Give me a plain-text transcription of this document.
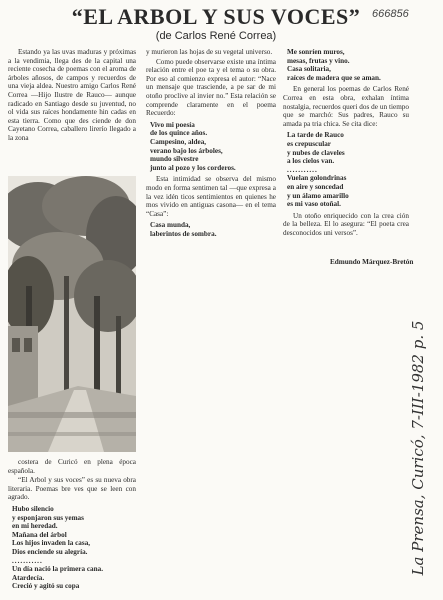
666856
“EL ARBOL Y SUS VOCES”
(de Carlos René Correa)

Estando ya las uvas maduras y próximas a la vendimia, llega des de la capital una reciente cosecha de poemas con el aroma de árboles añosos, de campos y recuerdos de una vieja aldea. Nuestro amigo Carlos René Correa —Hijo Ilustre de Rauco— aunque radicado en Santiago desde su juventud, no ol vida sus raíces hondamente hin cadas en esta tierra. Como que des ciende de don Cayetano Correa, caballero lirerío llegado a la zona

costera de Curicó en plena época española.

“El Arbol y sus voces” es su nueva obra literaria. Poemas bre ves que se leen con agrado.

Hubo silencio
y esponjaron sus yemas
en mi heredad.
Mañana del árbol
Los hijos invaden la casa,
Dios enciende su alegría.
...........
Un día nació la primera cana.
Atardecía.
Creció y agitó su copa

y murieron las hojas de su vegetal universo.

Como puede observarse existe una íntima relación entre el poe ta y el tema o su obra. Por eso al comienzo expresa el autor: “Nace un mensaje que trasciende, a pe sar de mi otoño proclive al invier no.” Esta relación se comprende claramente en el poema Recuerdo:

Vivo mi poesía
de los quince años.
Campesino, aldea,
verano bajo los árboles,
mundo silvestre
junto al pozo y los corderos.

Esta intimidad se observa del mismo modo en forma sentimen tal —que expresa a la vez idén ticos sentimientos en quienes he mos vivido en antiguas casona— en el tema “Casa”:

Casa munda,
laberintos de sombra.
Me sonríen muros,
mesas, frutas y vino.
Casa solitaria,
raíces de madera que se aman.

En general los poemas de Carlos René Correa en esta obra, exhalan íntima nostalgia, recuerdos queri dos de un tiempo que se marchó: Sus padres, Rauco su amada pa tria chica. Se cita dice:

La tarde de Rauco
es crepuscular
y nubes de claveles
a los cielos van.
...........
Vuelan golondrinas
en aire y soncedad
y un álamo amarillo
es mi vaso otoñal.

Un otoño enriquecido con la crea ción de la belleza. El lo asegura: “El poeta crea desconocidos uni versos”.

Edmundo Márquez-Bretón
La Prensa, Curicó, 7-III-1982 p. 5
